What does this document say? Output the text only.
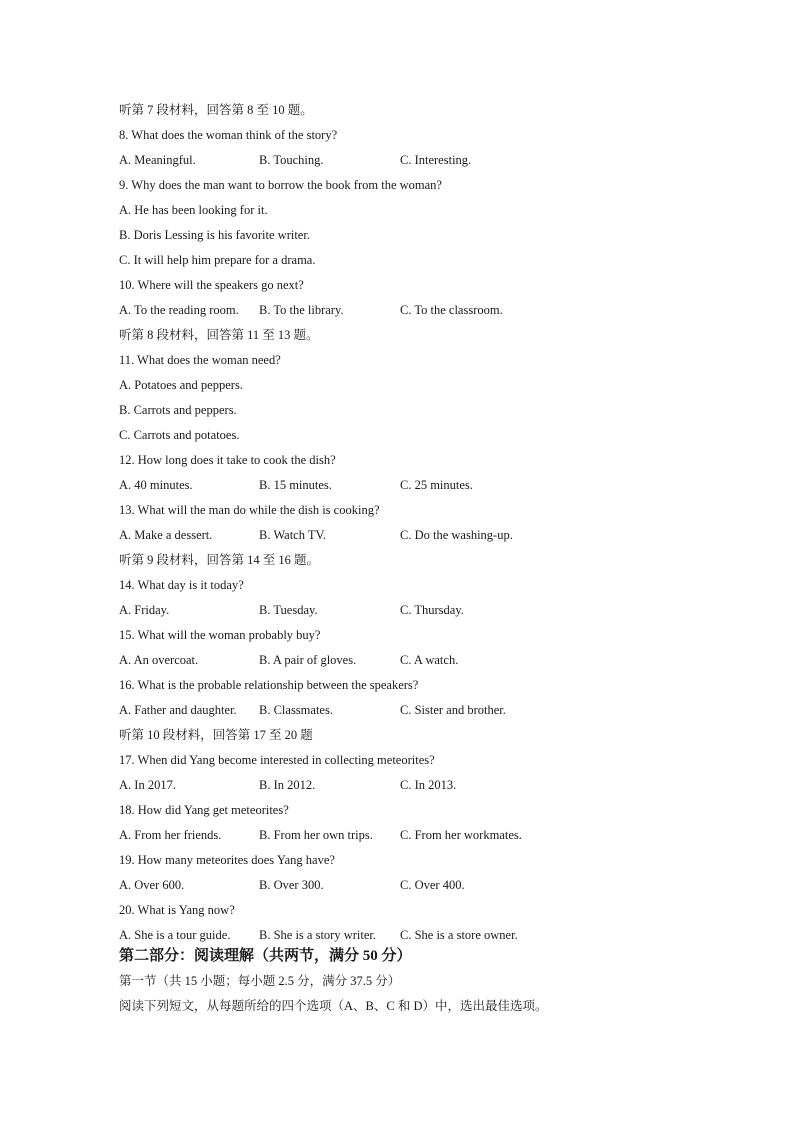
听第 7 段材料，回答第 8 至 10 题。
8. What does the woman think of the story?
A. Meaningful.	B. Touching.	C. Interesting.
9. Why does the man want to borrow the book from the woman?
A. He has been looking for it.
B. Doris Lessing is his favorite writer.
C. It will help him prepare for a drama.
10. Where will the speakers go next?
A. To the reading room. B. To the library.	C. To the classroom.
听第 8 段材料，回答第 11 至 13 题。
11. What does the woman need?
A. Potatoes and peppers.
B. Carrots and peppers.
C. Carrots and potatoes.
12. How long does it take to cook the dish?
A. 40 minutes.	B. 15 minutes.	C. 25 minutes.
13. What will the man do while the dish is cooking?
A. Make a dessert.	B. Watch TV.	C. Do the washing-up.
听第 9 段材料，回答第 14 至 16 题。
14. What day is it today?
A. Friday.	B. Tuesday.	C. Thursday.
15. What will the woman probably buy?
A. An overcoat.	B. A pair of gloves.	C. A watch.
16. What is the probable relationship between the speakers?
A. Father and daughter. B. Classmates.	C. Sister and brother.
听第 10 段材料，回答第 17 至 20 题
17. When did Yang become interested in collecting meteorites?
A. In 2017.	B. In 2012.	C. In 2013.
18. How did Yang get meteorites?
A. From her friends.	B. From her own trips. C. From her workmates.
19. How many meteorites does Yang have?
A. Over 600.	B. Over 300.	C. Over 400.
20. What is Yang now?
A. She is a tour guide. B. She is a story writer. C. She is a store owner.
第二部分：阅读理解（共两节，满分 50 分）
第一节（共 15 小题；每小题 2.5 分，满分 37.5 分）
阅读下列短文，从每题所给的四个选项（A、B、C 和 D）中，选出最佳选项。
